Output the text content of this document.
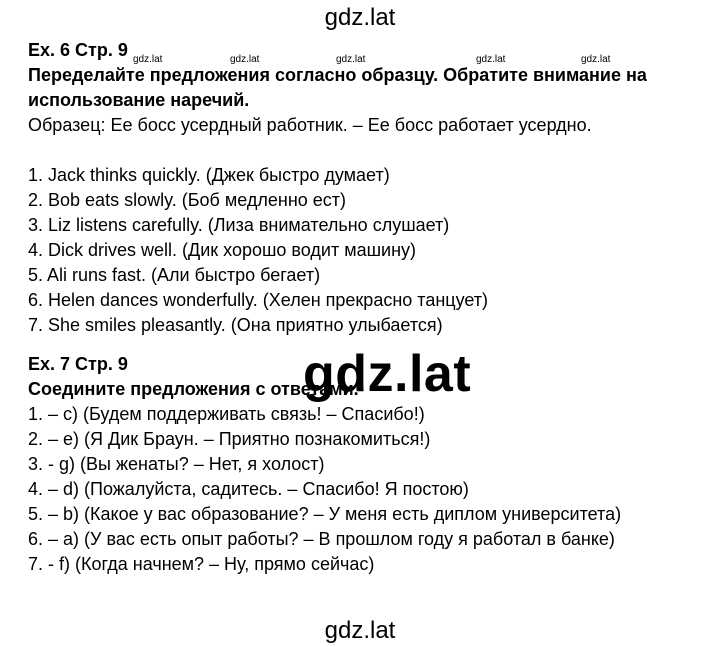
gdz.lat
gdz.lat	gdz.lat	gdz.lat	gdz.lat	gdz.lat
Ex. 6 Стр. 9
Переделайте предложения согласно образцу. Обратите внимание на
использование наречий.
Образец: Ее босс усердный работник. – Ее босс работает усердно.
1. Jack thinks quickly. (Джек быстро думает)
2. Bob eats slowly. (Боб медленно ест)
3. Liz listens carefully. (Лиза внимательно слушает)
4. Dick drives well. (Дик хорошо водит машину)
5. Ali runs fast. (Али быстро бегает)
6. Helen dances wonderfully. (Хелен прекрасно танцует)
7. She smiles pleasantly. (Она приятно улыбается)
Ex. 7 Стр. 9
Соедините предложения с ответами.
1. – c) (Будем поддерживать связь! – Спасибо!)
2. – e) (Я Дик Браун. – Приятно познакомиться!)
3. - g) (Вы женаты? – Нет, я холост)
4. – d) (Пожалуйста, садитесь. – Спасибо! Я постою)
5. – b) (Какое у вас образование? – У меня есть диплом университета)
6. – a) (У вас есть опыт работы? – В прошлом году я работал в банке)
7. - f) (Когда начнем? – Ну, прямо сейчас)
gdz.lat
gdz.lat
